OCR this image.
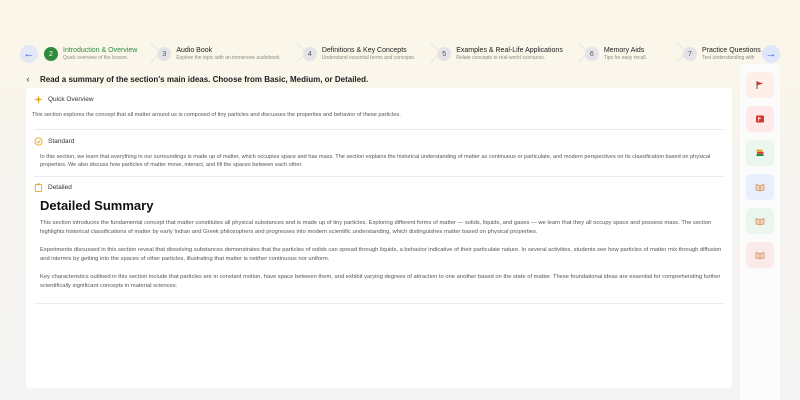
←	2
Introduction & Overview
Quick overview of the lesson.
3
Audio Book
Explore the topic with an immersive audiobook.
4
Definitions & Key Concepts
Understand essential terms and concepts.
5
Examples & Real-Life Applications
Relate concepts to real-world scenarios.
6
Memory Aids
Tips for easy recall.
7
Practice Questions
Test understanding with →
‹ Read a summary of the section's main ideas. Choose from Basic, Medium, or Detailed.
Quick Overview
This section explores the concept that all matter around us is composed of tiny particles and discusses the properties and behavior of these particles.
Standard
In this section, we learn that everything in our surroundings is made up of matter, which occupies space and has mass. The section explains the historical understanding of matter as continuous or particulate, and modern perspectives on its classification based on physical properties. We also discuss how particles of matter move, interact, and fill the spaces between each other.
Detailed
Detailed Summary

This section introduces the fundamental concept that matter constitutes all physical substances and is made up of tiny particles. Exploring different forms of matter — solids, liquids, and gases — we learn that they all occupy space and possess mass. The section highlights historical classifications of matter by early Indian and Greek philosophers and progresses into modern scientific understanding, which distinguishes matter based on physical properties.

Experiments discussed in this section reveal that dissolving substances demonstrates that the particles of solids can spread through liquids, a behavior indicative of their particulate nature. In several activities, students see how particles of matter mix through diffusion and intermix by getting into the spaces of other particles, illustrating that matter is neither continuous nor uniform.

Key characteristics outlined in this section include that particles are in constant motion, have space between them, and exhibit varying degrees of attraction to one another based on the state of matter. These foundational ideas are essential for comprehending further scientifically significant concepts in material sciences.
